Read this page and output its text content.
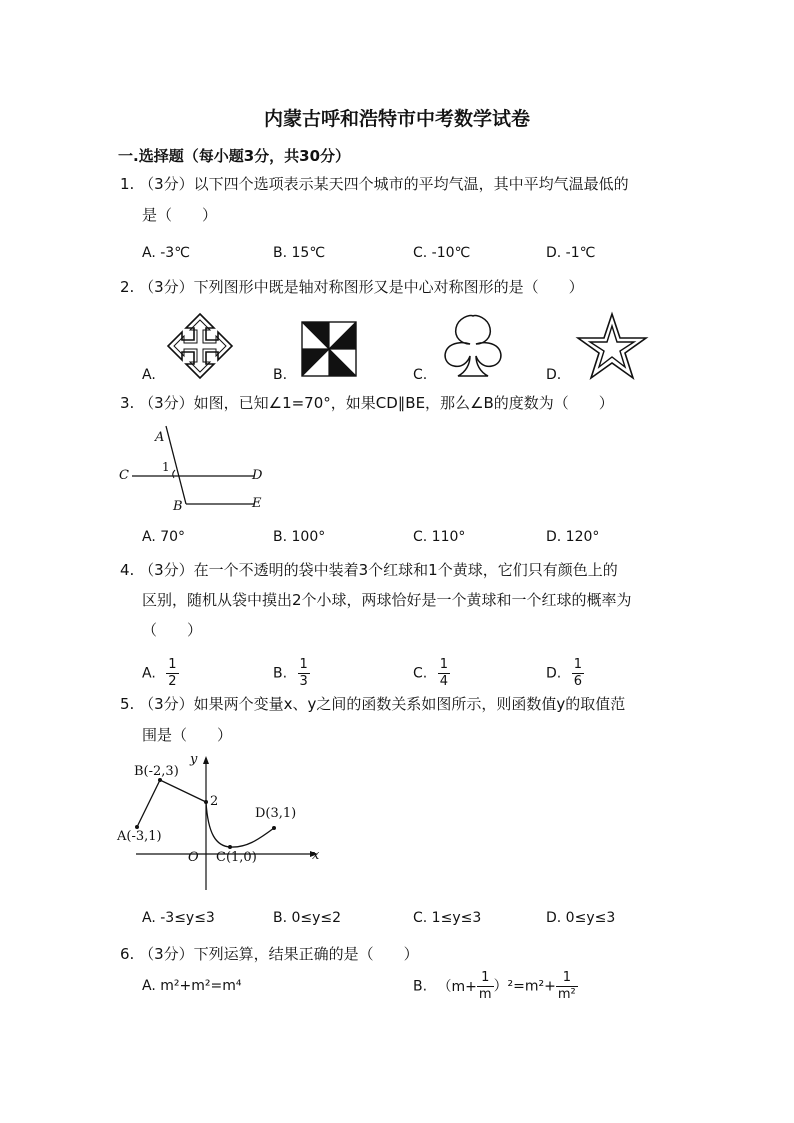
内蒙古呼和浩特市中考数学试卷
一.选择题（每小题3分，共30分）
1. （3分）以下四个选项表示某天四个城市的平均气温，其中平均气温最低的
是（　　）
A. -3℃	B. 15℃	C. -10℃	D. -1℃
2. （3分）下列图形中既是轴对称图形又是中心对称图形的是（　　）
A.	B.	C.	D.
3. （3分）如图，已知∠1=70°，如果CD∥BE，那么∠B的度数为（　　）
A
1
C	D
B	E
A. 70°	B. 100°	C. 110°	D. 120°
4. （3分）在一个不透明的袋中装着3个红球和1个黄球，它们只有颜色上的
区别，随机从袋中摸出2个小球，两球恰好是一个黄球和一个红球的概率为
（　　）
A. $\frac{1}{2}$	B. $\frac{1}{3}$	C. $\frac{1}{4}$	D. $\frac{1}{6}$
5. （3分）如果两个变量x、y之间的函数关系如图所示，则函数值y的取值范
围是（　　）
y
B(-2,3)
2
D(3,1)
A(-3,1)
O C(1,0)	x
A. -3≤y≤3	B. 0≤y≤2	C. 1≤y≤3	D. 0≤y≤3
6. （3分）下列运算，结果正确的是（　　）
A. m²+m²=m⁴	B. $(m+ \frac{1}{m} )^2=m^2+ \frac{1}{\text{m²}}$
